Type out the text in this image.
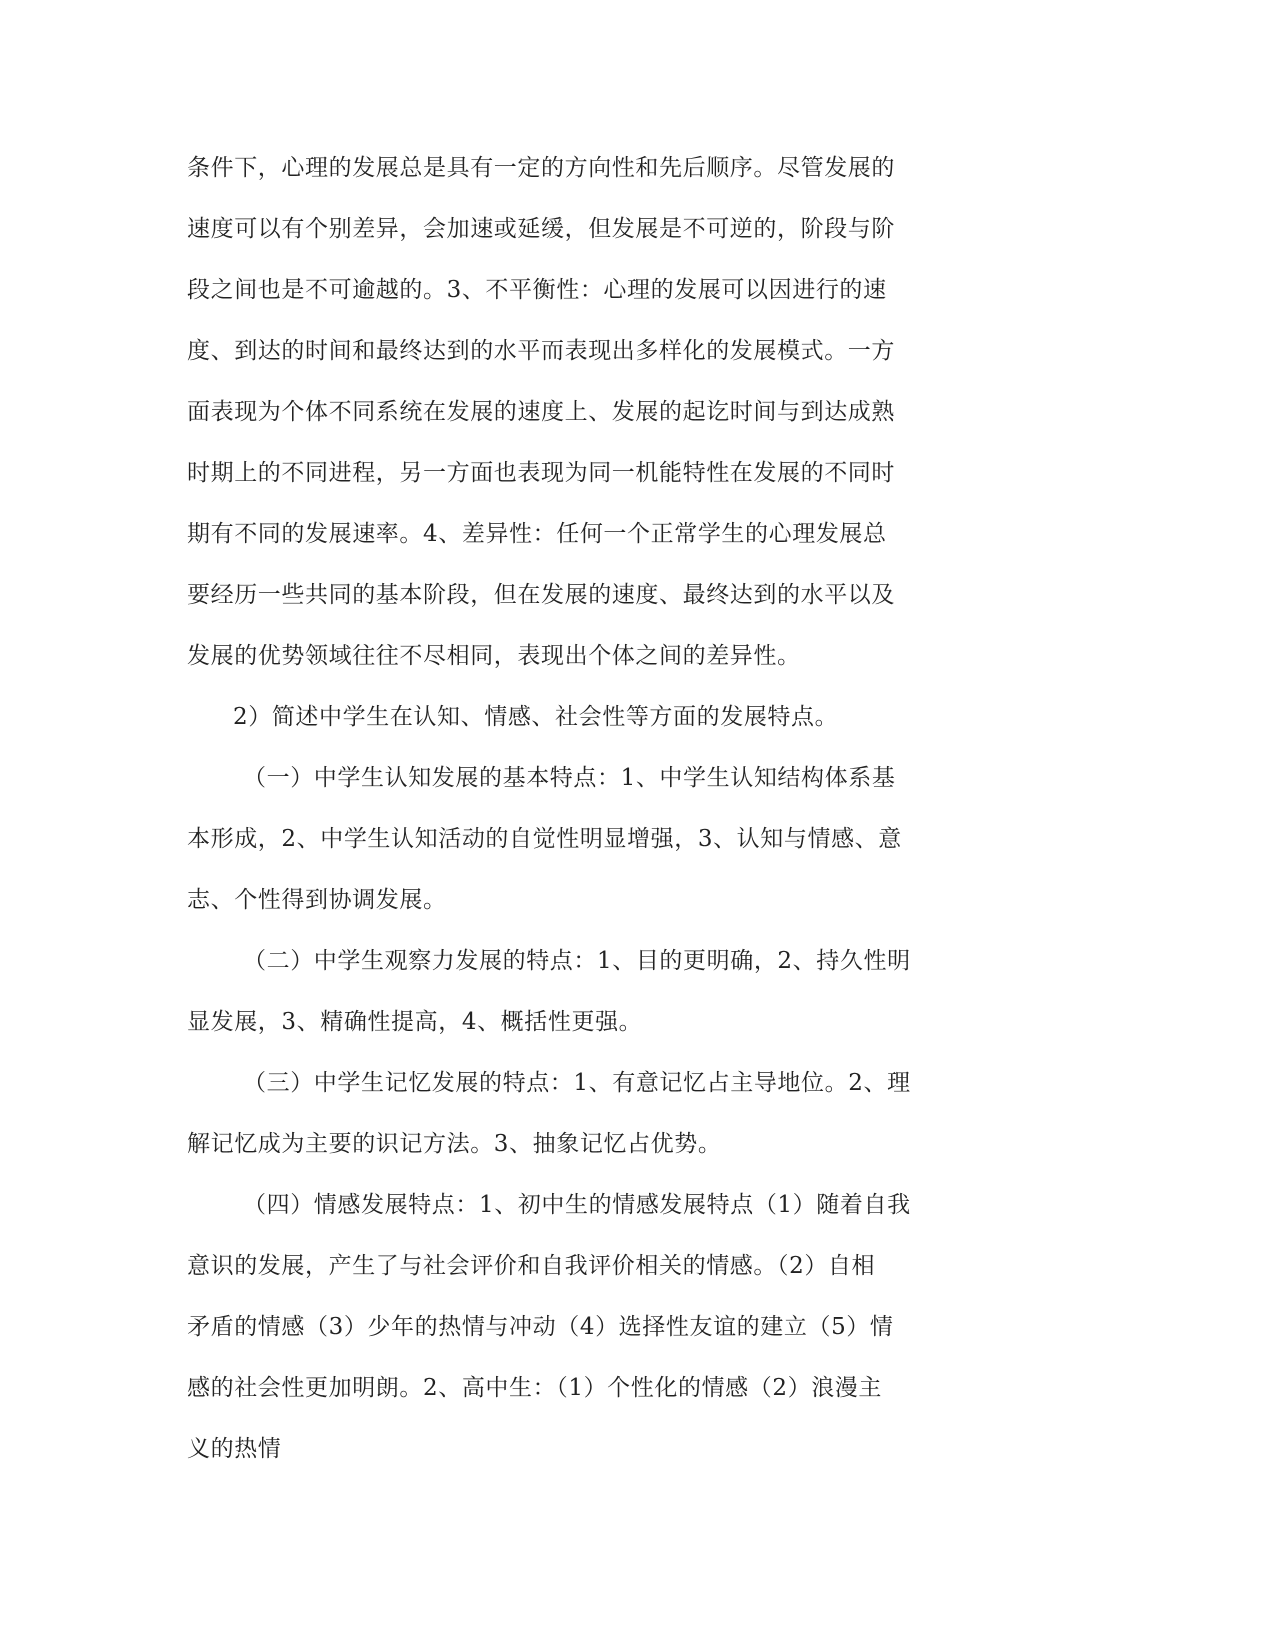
条件下，心理的发展总是具有一定的方向性和先后顺序。尽管发展的
速度可以有个别差异，会加速或延缓，但发展是不可逆的，阶段与阶
段之间也是不可逾越的。3、不平衡性：心理的发展可以因进行的速
度、到达的时间和最终达到的水平而表现出多样化的发展模式。一方
面表现为个体不同系统在发展的速度上、发展的起讫时间与到达成熟
时期上的不同进程，另一方面也表现为同一机能特性在发展的不同时
期有不同的发展速率。4、差异性：任何一个正常学生的心理发展总
要经历一些共同的基本阶段，但在发展的速度、最终达到的水平以及
发展的优势领域往往不尽相同，表现出个体之间的差异性。
2）简述中学生在认知、情感、社会性等方面的发展特点。
（一）中学生认知发展的基本特点：1、中学生认知结构体系基
本形成，2、中学生认知活动的自觉性明显增强，3、认知与情感、意
志、个性得到协调发展。
（二）中学生观察力发展的特点：1、目的更明确，2、持久性明
显发展，3、精确性提高，4、概括性更强。
（三）中学生记忆发展的特点：1、有意记忆占主导地位。2、理
解记忆成为主要的识记方法。3、抽象记忆占优势。
（四）情感发展特点：1、初中生的情感发展特点（1）随着自我
意识的发展，产生了与社会评价和自我评价相关的情感。（2）自相
矛盾的情感（3）少年的热情与冲动（4）选择性友谊的建立（5）情
感的社会性更加明朗。2、高中生：（1）个性化的情感（2）浪漫主
义的热情
